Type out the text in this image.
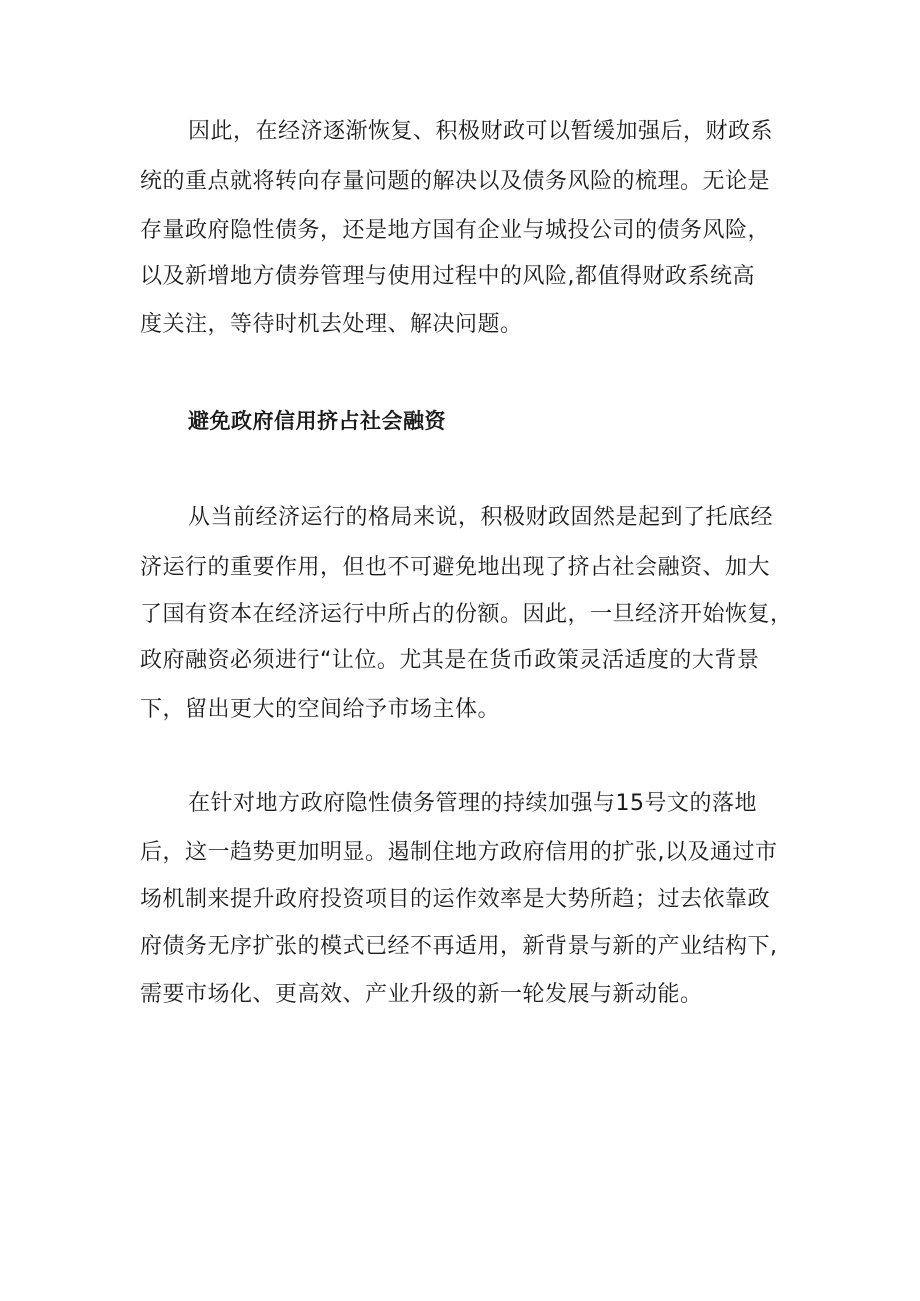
因此，在经济逐渐恢复、积极财政可以暂缓加强后，财政系
统的重点就将转向存量问题的解决以及债务风险的梳理。无论是
存量政府隐性债务，还是地方国有企业与城投公司的债务风险，
以及新增地方债券管理与使用过程中的风险,都值得财政系统高
度关注，等待时机去处理、解决问题。
避免政府信用挤占社会融资
从当前经济运行的格局来说，积极财政固然是起到了托底经
济运行的重要作用，但也不可避免地出现了挤占社会融资、加大
了国有资本在经济运行中所占的份额。因此，一旦经济开始恢复，
政府融资必须进行“让位。尤其是在货币政策灵活适度的大背景
下，留出更大的空间给予市场主体。
在针对地方政府隐性债务管理的持续加强与15号文的落地
后，这一趋势更加明显。遏制住地方政府信用的扩张,以及通过市
场机制来提升政府投资项目的运作效率是大势所趋；过去依靠政
府债务无序扩张的模式已经不再适用，新背景与新的产业结构下,
需要市场化、更高效、产业升级的新一轮发展与新动能。
